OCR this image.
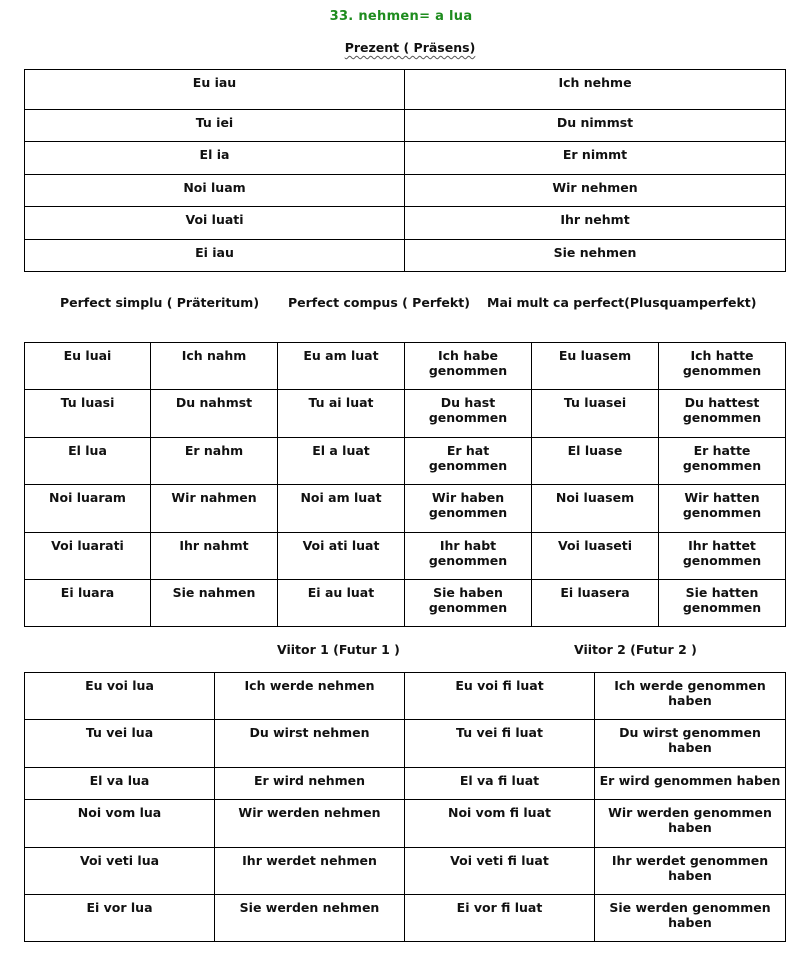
33. nehmen= a lua
Prezent ( Präsens)
Eu iau	Ich nehme

Tu iei	Du nimmst

El ia	Er nimmt

Noi luam	Wir nehmen

Voi luati	Ihr nehmt

Ei iau	Sie nehmen
Perfect simplu ( Präteritum) Perfect compus ( Perfekt) Mai mult ca perfect(Plusquamperfekt)
Eu luai	Ich nahm	Eu am luat	Ich habe genommen	Eu luasem	Ich hatte genommen

Tu luasi	Du nahmst	Tu ai luat	Du hast genommen	Tu luasei	Du hattest genommen

El lua	Er nahm	El a luat	Er hat genommen	El luase	Er hatte genommen

Noi luaram	Wir nahmen	Noi am luat	Wir haben genommen	Noi luasem	Wir hatten genommen

Voi luarati	Ihr nahmt	Voi ati luat	Ihr habt genommen	Voi luaseti	Ihr hattet genommen

Ei luara	Sie nahmen	Ei au luat	Sie haben genommen	Ei luasera	Sie hatten genommen
Viitor 1 (Futur 1 )	Viitor 2 (Futur 2 )
Eu voi lua	Ich werde nehmen	Eu voi fi luat	Ich werde genommen haben

Tu vei lua	Du wirst nehmen	Tu vei fi luat	Du wirst genommen haben

El va lua	Er wird nehmen	El va fi luat	Er wird genommen haben

Noi vom lua	Wir werden nehmen	Noi vom fi luat	Wir werden genommen haben

Voi veti lua	Ihr werdet nehmen	Voi veti fi luat	Ihr werdet genommen haben

Ei vor lua	Sie werden nehmen	Ei vor fi luat	Sie werden genommen haben
